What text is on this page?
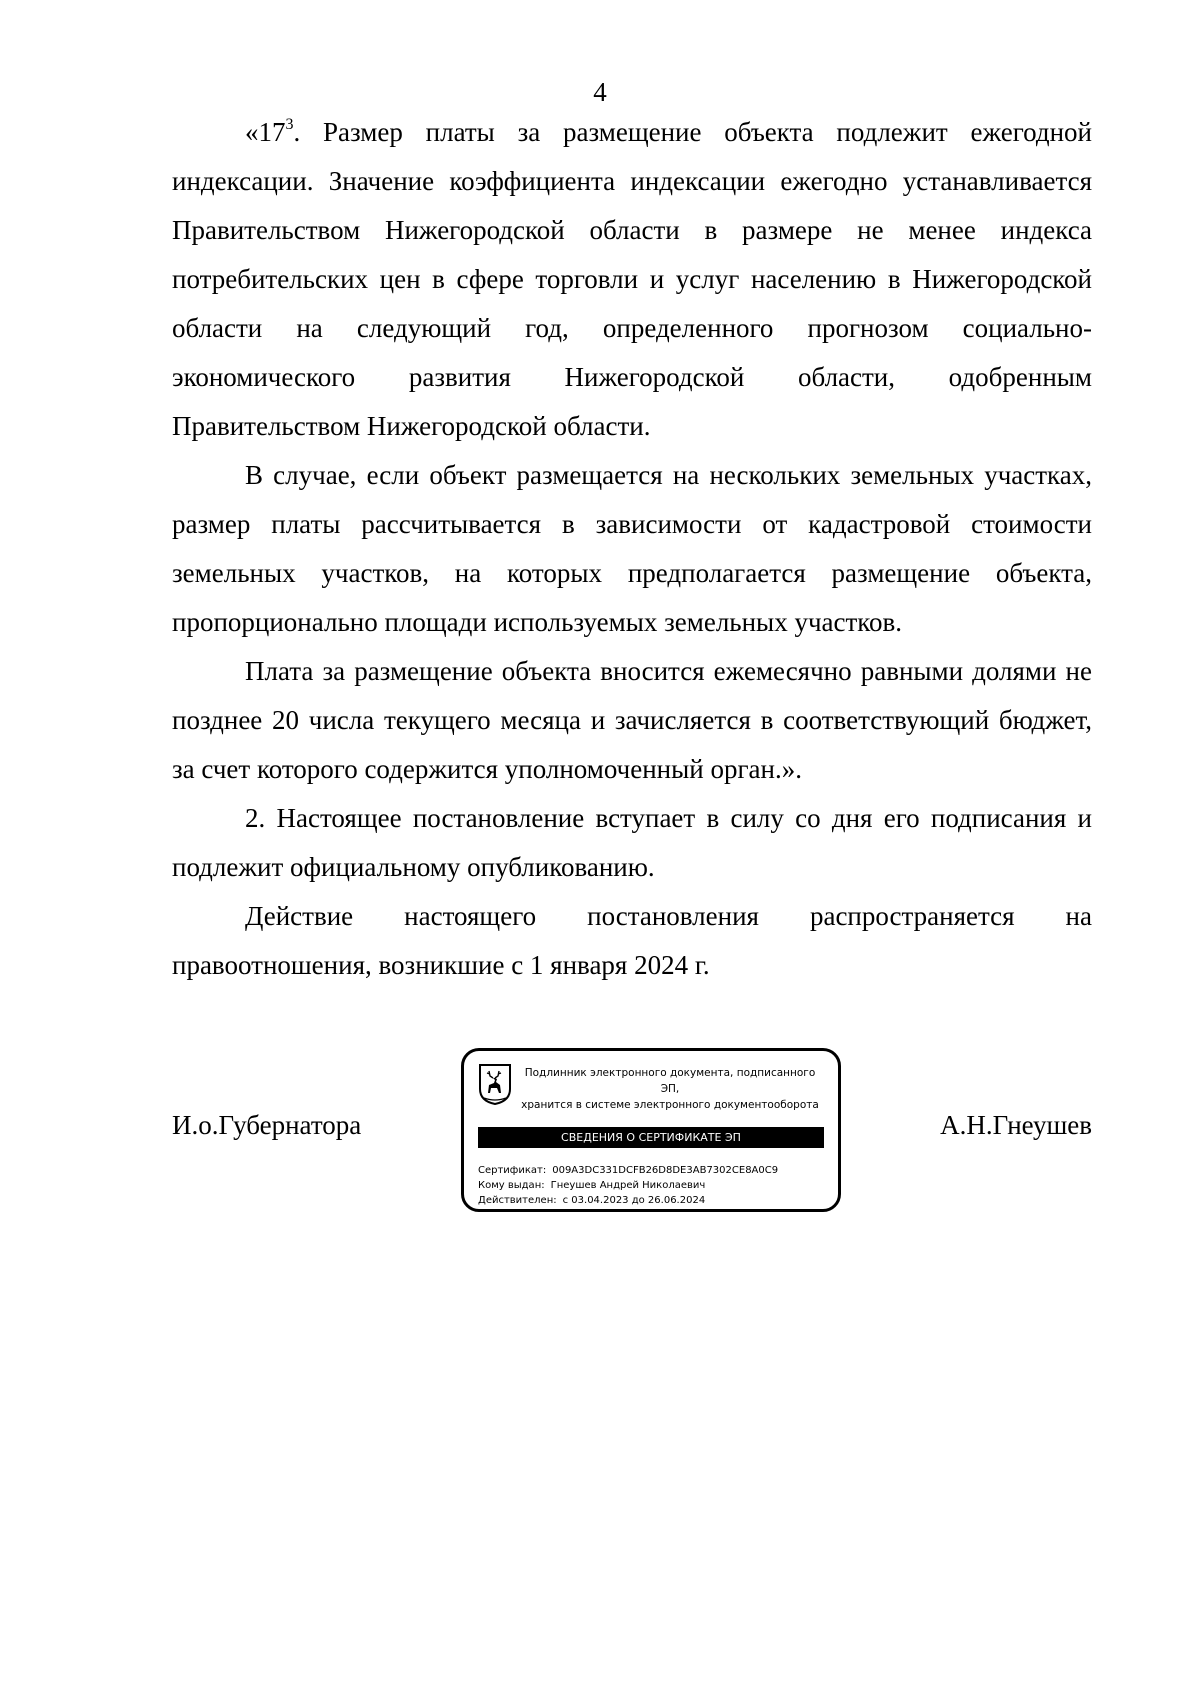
4

«$17^3$. Размер платы за размещение объекта подлежит ежегодной индексации. Значение коэффициента индексации ежегодно устанавливается Правительством Нижегородской области в размере не менее индекса потребительских цен в сфере торговли и услуг населению в Нижегородской области на следующий год, определенного прогнозом социально-экономического развития Нижегородской области, одобренным Правительством Нижегородской области.

В случае, если объект размещается на нескольких земельных участках, размер платы рассчитывается в зависимости от кадастровой стоимости земельных участков, на которых предполагается размещение объекта, пропорционально площади используемых земельных участков.

Плата за размещение объекта вносится ежемесячно равными долями не позднее 20 числа текущего месяца и зачисляется в соответствующий бюджет, за счет которого содержится уполномоченный орган.».

2. Настоящее постановление вступает в силу со дня его подписания и подлежит официальному опубликованию.

Действие настоящего постановления распространяется на правоотношения, возникшие с 1 января 2024 г.

И.о.Губернатора	А.Н.Гнеушев
Подлинник электронного документа, подписанного ЭП,
хранится в системе электронного документооборота
СВЕДЕНИЯ О СЕРТИФИКАТЕ ЭП
Сертификат: 009A3DC331DCFB26D8DE3AB7302CE8A0C9
Кому выдан: Гнеушев Андрей Николаевич
Действителен: с 03.04.2023 до 26.06.2024
